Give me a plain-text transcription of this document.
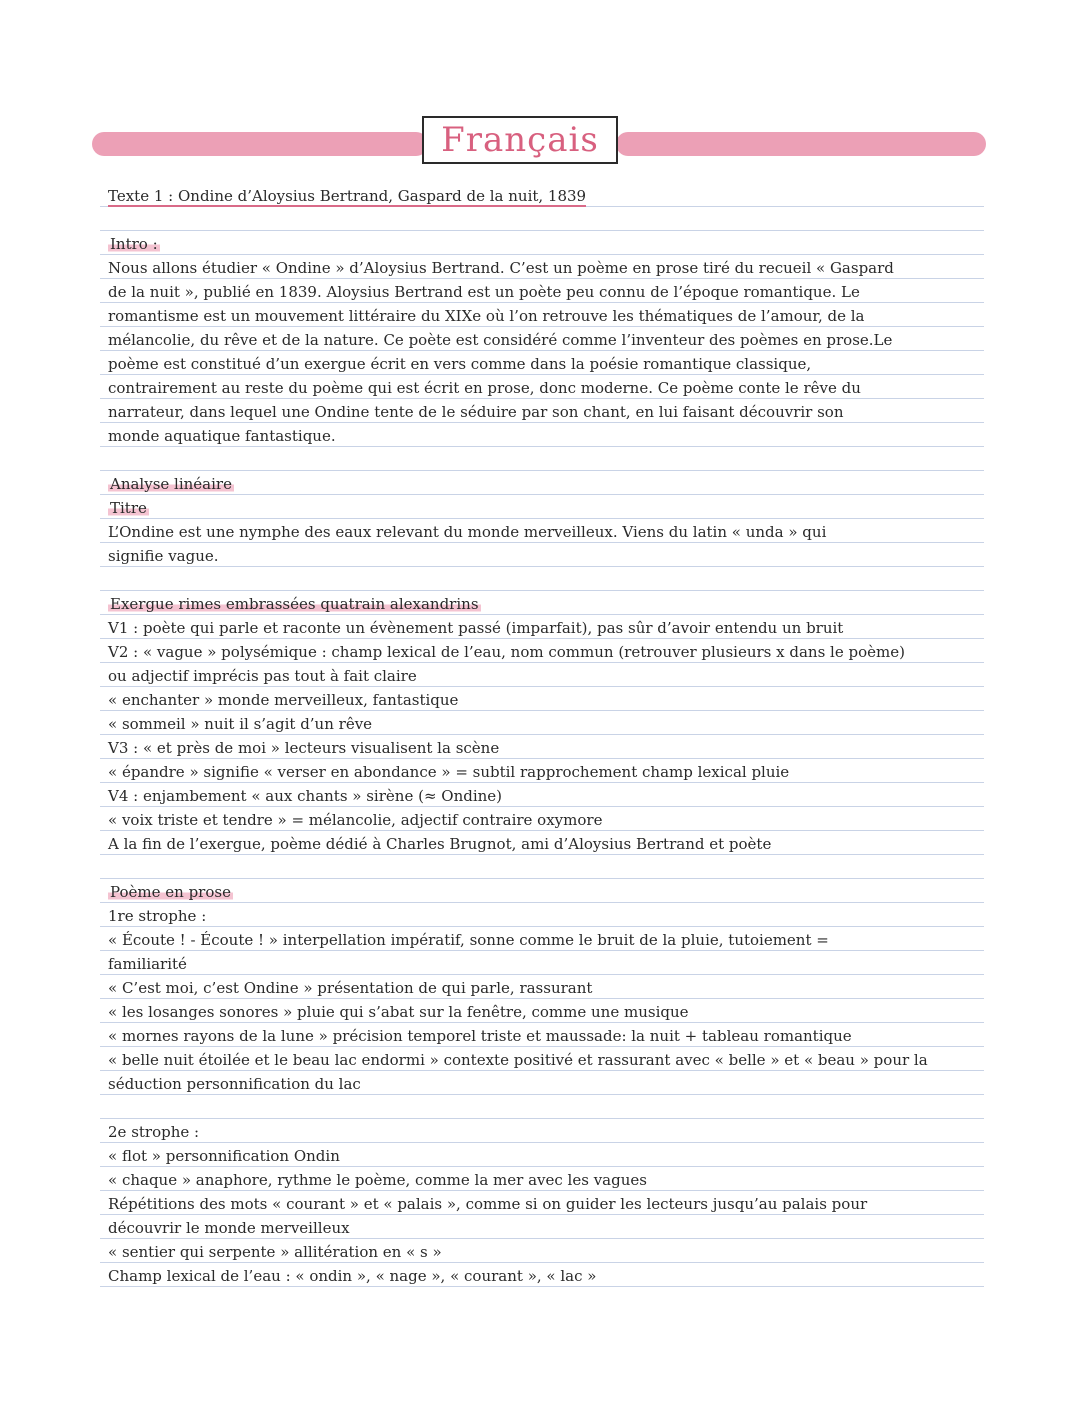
Français
Texte 1 : Ondine d’Aloysius Bertrand, Gaspard de la nuit, 1839
Intro :
Nous allons étudier « Ondine » d’Aloysius Bertrand. C’est un poème en prose tiré du recueil « Gaspard
de la nuit », publié en 1839. Aloysius Bertrand est un poète peu connu de l’époque romantique. Le
romantisme est un mouvement littéraire du XIXe où l’on retrouve les thématiques de l’amour, de la
mélancolie, du rêve et de la nature. Ce poète est considéré comme l’inventeur des poèmes en prose.Le
poème est constitué d’un exergue écrit en vers comme dans la poésie romantique classique,
contrairement au reste du poème qui est écrit en prose, donc moderne. Ce poème conte le rêve du
narrateur, dans lequel une Ondine tente de le séduire par son chant, en lui faisant découvrir son
monde aquatique fantastique.
Analyse linéaire
Titre
L’Ondine est une nymphe des eaux relevant du monde merveilleux. Viens du latin « unda » qui
signifie vague.
Exergue rimes embrassées quatrain alexandrins
V1 : poète qui parle et raconte un évènement passé (imparfait), pas sûr d’avoir entendu un bruit
V2 : « vague » polysémique : champ lexical de l’eau, nom commun (retrouver plusieurs x dans le poème)
ou adjectif imprécis pas tout à fait claire
« enchanter » monde merveilleux, fantastique
« sommeil » nuit il s’agit d’un rêve
V3 : « et près de moi » lecteurs visualisent la scène
« épandre » signifie « verser en abondance » = subtil rapprochement champ lexical pluie
V4 : enjambement « aux chants » sirène (≈ Ondine)
« voix triste et tendre » = mélancolie, adjectif contraire oxymore
A la fin de l’exergue, poème dédié à Charles Brugnot, ami d’Aloysius Bertrand et poète
Poème en prose
1re strophe :
« Écoute ! - Écoute ! » interpellation impératif, sonne comme le bruit de la pluie, tutoiement =
familiarité
« C’est moi, c’est Ondine » présentation de qui parle, rassurant
« les losanges sonores » pluie qui s’abat sur la fenêtre, comme une musique
« mornes rayons de la lune » précision temporel triste et maussade: la nuit + tableau romantique
« belle nuit étoilée et le beau lac endormi » contexte positivé et rassurant avec « belle » et « beau » pour la
séduction personnification du lac
2e strophe :
« flot » personnification Ondin
« chaque » anaphore, rythme le poème, comme la mer avec les vagues
Répétitions des mots « courant » et « palais », comme si on guider les lecteurs jusqu’au palais pour
découvrir le monde merveilleux
« sentier qui serpente » allitération en « s »
Champ lexical de l’eau : « ondin », « nage », « courant », « lac »
